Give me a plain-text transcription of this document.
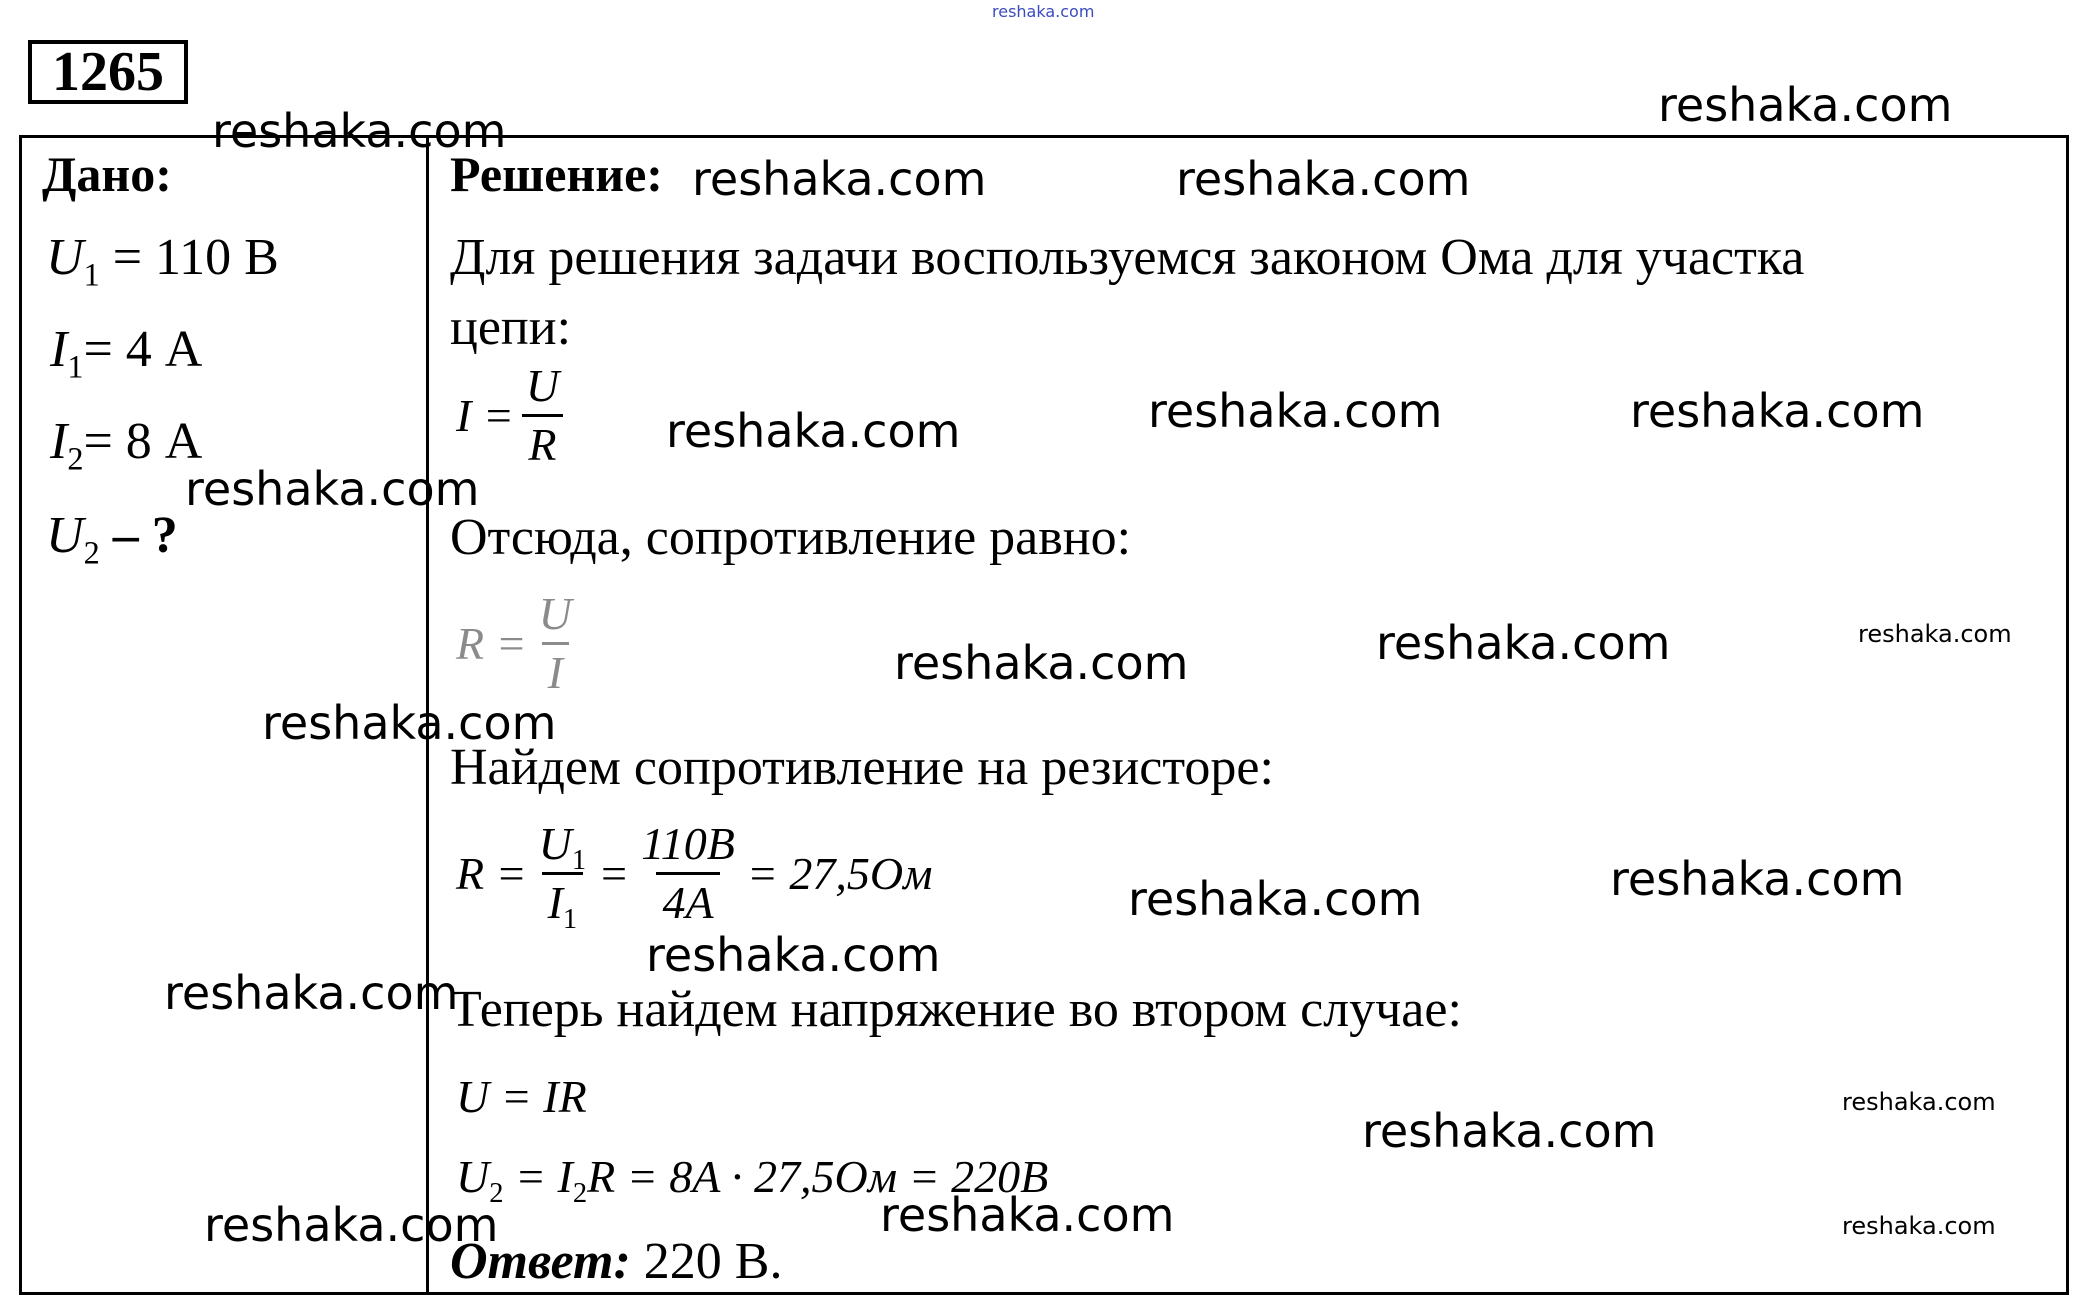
reshaka.com
1265
Дано:
$U_1 = 110$ В
$I_1= 4$ А
$I_2= 8$ А
$U_2$ – ?
Решение:
Для решения задачи воспользуемся законом Ома для участка
цепи:
$I = \frac{U}{R}$
Отсюда, сопротивление равно:
$R = \frac{U}{I}$
Найдем сопротивление на резисторе:
$R = \frac{U_1}{I_1} = \frac{110B}{4A} = 27,5Ом$
Теперь найдем напряжение во втором случае:
U = IR
$U_2 = I_2R = 8A \cdot 27,5Ом = 220B$
Ответ: 220 В.
reshaka.com
reshaka.com
reshaka.com	reshaka.com
reshaka.com	reshaka.com
reshaka.com
reshaka.com
reshaka.com
reshaka.com
reshaka.com
reshaka.com
reshaka.com
reshaka.com
reshaka.com
reshaka.com
reshaka.com
reshaka.com
reshaka.com
reshaka.com	reshaka.com
